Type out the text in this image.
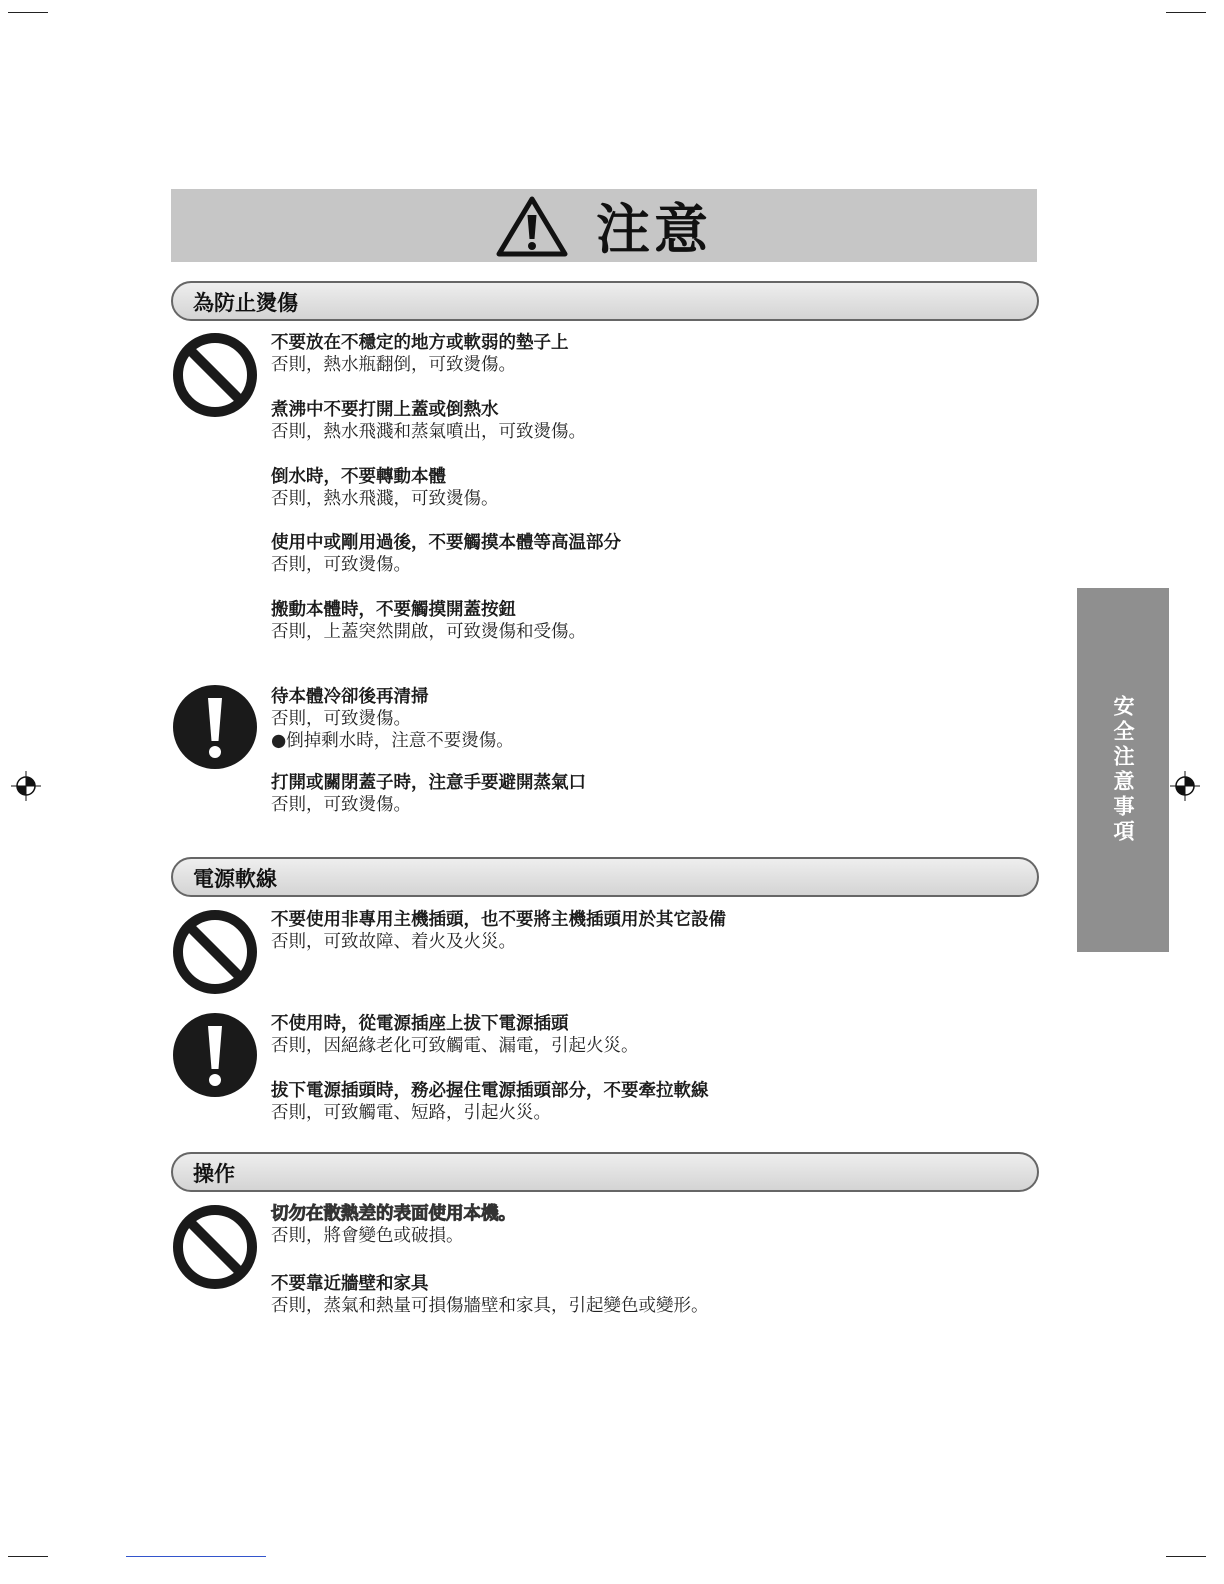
注意
為防止燙傷
不要放在不穩定的地方或軟弱的墊子上
否則，熱水瓶翻倒，可致燙傷。
煮沸中不要打開上蓋或倒熱水
否則，熱水飛濺和蒸氣噴出，可致燙傷。
倒水時，不要轉動本體
否則，熱水飛濺，可致燙傷。
使用中或剛用過後，不要觸摸本體等高温部分
否則，可致燙傷。
搬動本體時，不要觸摸開蓋按鈕
否則，上蓋突然開啟，可致燙傷和受傷。
待本體冷卻後再清掃
否則，可致燙傷。
●倒掉剩水時，注意不要燙傷。
打開或關閉蓋子時，注意手要避開蒸氣口
否則，可致燙傷。
電源軟線
不要使用非專用主機插頭，也不要將主機插頭用於其它設備
否則，可致故障、着火及火災。
不使用時，從電源插座上拔下電源插頭
否則，因絕緣老化可致觸電、漏電，引起火災。
拔下電源插頭時，務必握住電源插頭部分，不要牽拉軟線
否則，可致觸電、短路，引起火災。
操作
切勿在散熱差的表面使用本機。
否則，將會變色或破損。
不要靠近牆壁和家具
否則，蒸氣和熱量可損傷牆壁和家具，引起變色或變形。
安全注意事項
